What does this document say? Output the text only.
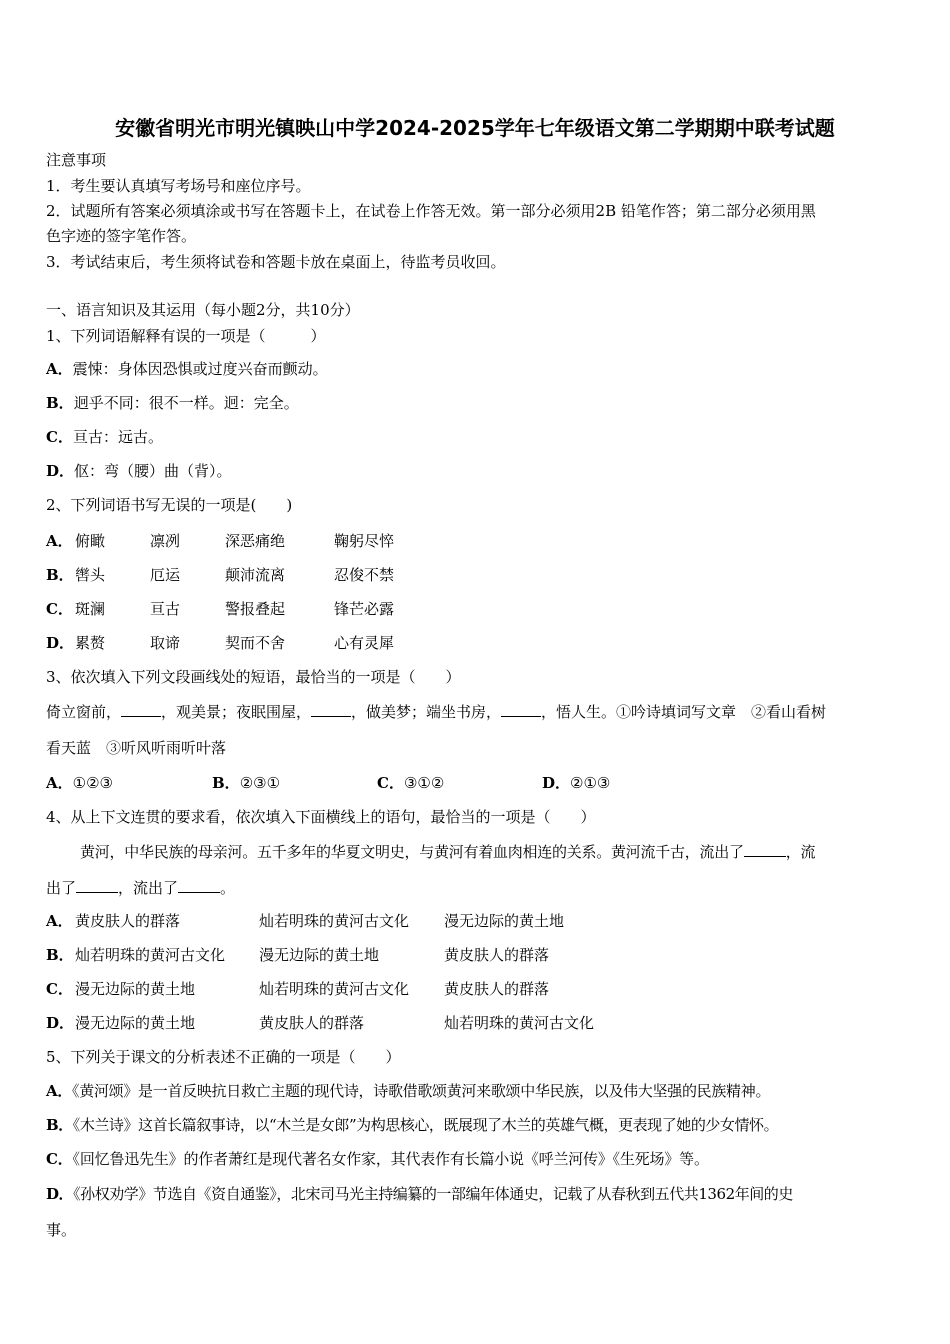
安徽省明光市明光镇映山中学2024-2025学年七年级语文第二学期期中联考试题
注意事项
1．考生要认真填写考场号和座位序号。
2．试题所有答案必须填涂或书写在答题卡上，在试卷上作答无效。第一部分必须用2B 铅笔作答；第二部分必须用黑
色字迹的签字笔作答。
3．考试结束后，考生须将试卷和答题卡放在桌面上，待监考员收回。
一、语言知识及其运用（每小题2分，共10分）
1、下列词语解释有误的一项是（　　　）
A．震悚：身体因恐惧或过度兴奋而颤动。
B．迥乎不同：很不一样。迥：完全。
C．亘古：远古。
D．伛：弯（腰）曲（背）。
2、下列词语书写无误的一项是(　　)
A． 俯瞰	凛冽	深恶痛绝	鞠躬尽悴
B． 辔头	厄运	颠沛流离	忍俊不禁
C． 斑澜	亘古	警报叠起	锋芒必露
D． 累赘	取谛	契而不舍	心有灵犀
3、依次填入下列文段画线处的短语，最恰当的一项是（　　）
倚立窗前，	，观美景；夜眠围屋，	，做美梦；端坐书房，	，悟人生。①吟诗填词写文章　②看山看树
看天蓝　③听风听雨听叶落
A．①②③	B．②③①	C．③①②	D．②①③
4、从上下文连贯的要求看，依次填入下面横线上的语句，最恰当的一项是（　　）
黄河，中华民族的母亲河。五千多年的华夏文明史，与黄河有着血肉相连的关系。黄河流千古，流出了	，流
出了	，流出了	。
A． 黄皮肤人的群落	灿若明珠的黄河古文化 漫无边际的黄土地
B． 灿若明珠的黄河古文化 漫无边际的黄土地	黄皮肤人的群落
C． 漫无边际的黄土地	灿若明珠的黄河古文化 黄皮肤人的群落
D． 漫无边际的黄土地	黄皮肤人的群落	灿若明珠的黄河古文化
5、下列关于课文的分析表述不正确的一项是（　　）
A．《黄河颂》是一首反映抗日救亡主题的现代诗，诗歌借歌颂黄河来歌颂中华民族，以及伟大坚强的民族精神。
B．《木兰诗》这首长篇叙事诗，以“木兰是女郎”为构思核心，既展现了木兰的英雄气概，更表现了她的少女情怀。
C．《回忆鲁迅先生》的作者萧红是现代著名女作家，其代表作有长篇小说《呼兰河传》《生死场》等。
D．《孙权劝学》节选自《资自通鉴》，北宋司马光主持编纂的一部编年体通史，记载了从春秋到五代共1362年间的史
事。
